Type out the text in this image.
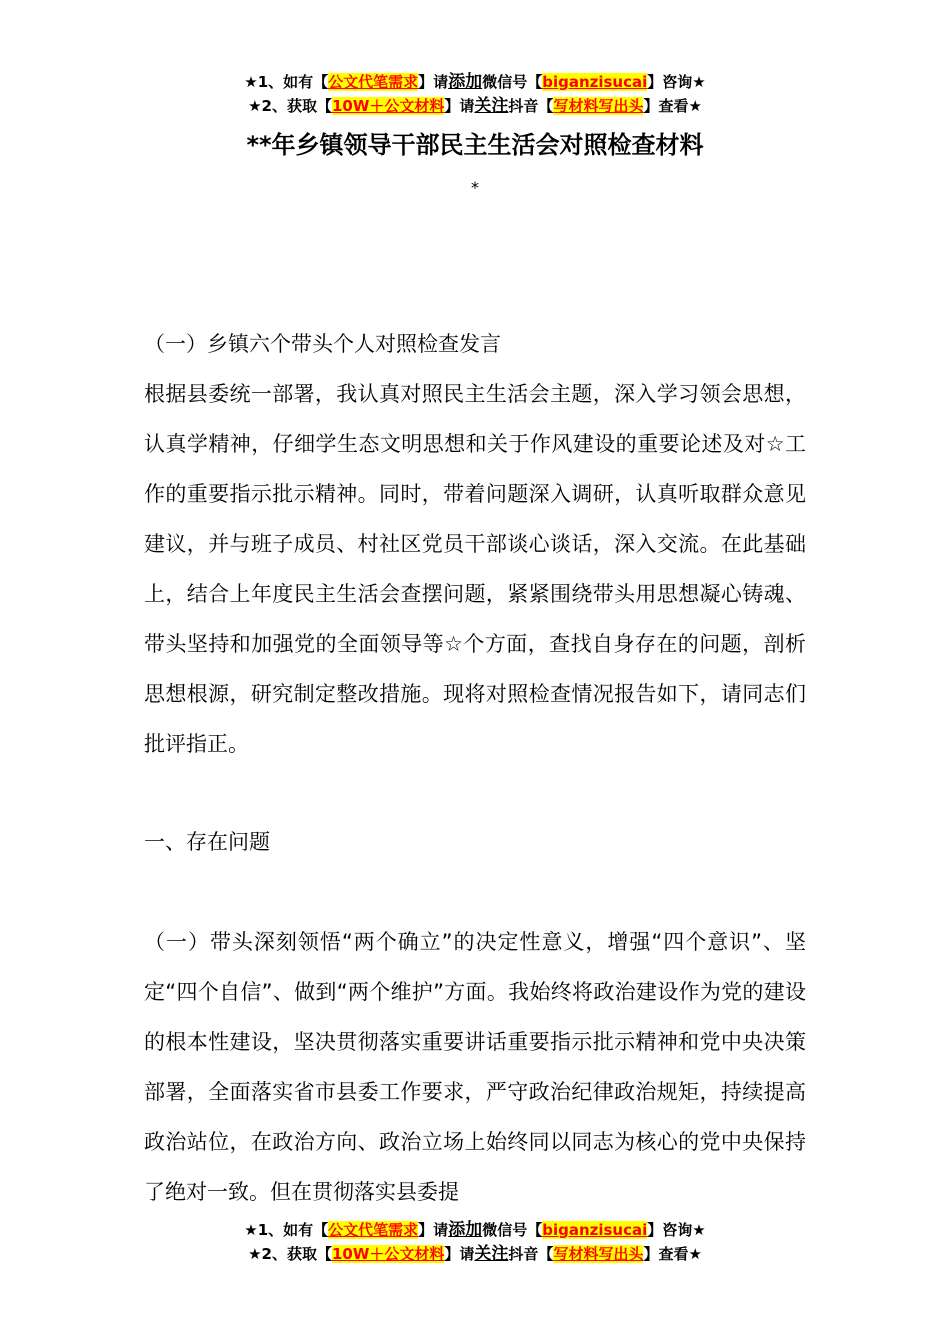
★1、如有【公文代笔需求】请添加微信号【biganzisucai】咨询★
★2、获取【10W＋公文材料】请关注抖音【写材料写出头】查看★
**年乡镇领导干部民主生活会对照检查材料
*
（一）乡镇六个带头个人对照检查发言
根据县委统一部署，我认真对照民主生活会主题，深入学习领会思想，认真学精神，仔细学生态文明思想和关于作风建设的重要论述及对☆工作的重要指示批示精神。同时，带着问题深入调研，认真听取群众意见建议，并与班子成员、村社区党员干部谈心谈话，深入交流。在此基础上，结合上年度民主生活会查摆问题，紧紧围绕带头用思想凝心铸魂、带头坚持和加强党的全面领导等☆个方面，查找自身存在的问题，剖析思想根源，研究制定整改措施。现将对照检查情况报告如下，请同志们批评指正。
一、存在问题
（一）带头深刻领悟“两个确立”的决定性意义，增强“四个意识”、坚定“四个自信”、做到“两个维护”方面。我始终将政治建设作为党的建设的根本性建设，坚决贯彻落实重要讲话重要指示批示精神和党中央决策部署，全面落实省市县委工作要求，严守政治纪律政治规矩，持续提高政治站位，在政治方向、政治立场上始终同以同志为核心的党中央保持了绝对一致。但在贯彻落实县委提
★1、如有【公文代笔需求】请添加微信号【biganzisucai】咨询★
★2、获取【10W＋公文材料】请关注抖音【写材料写出头】查看★
